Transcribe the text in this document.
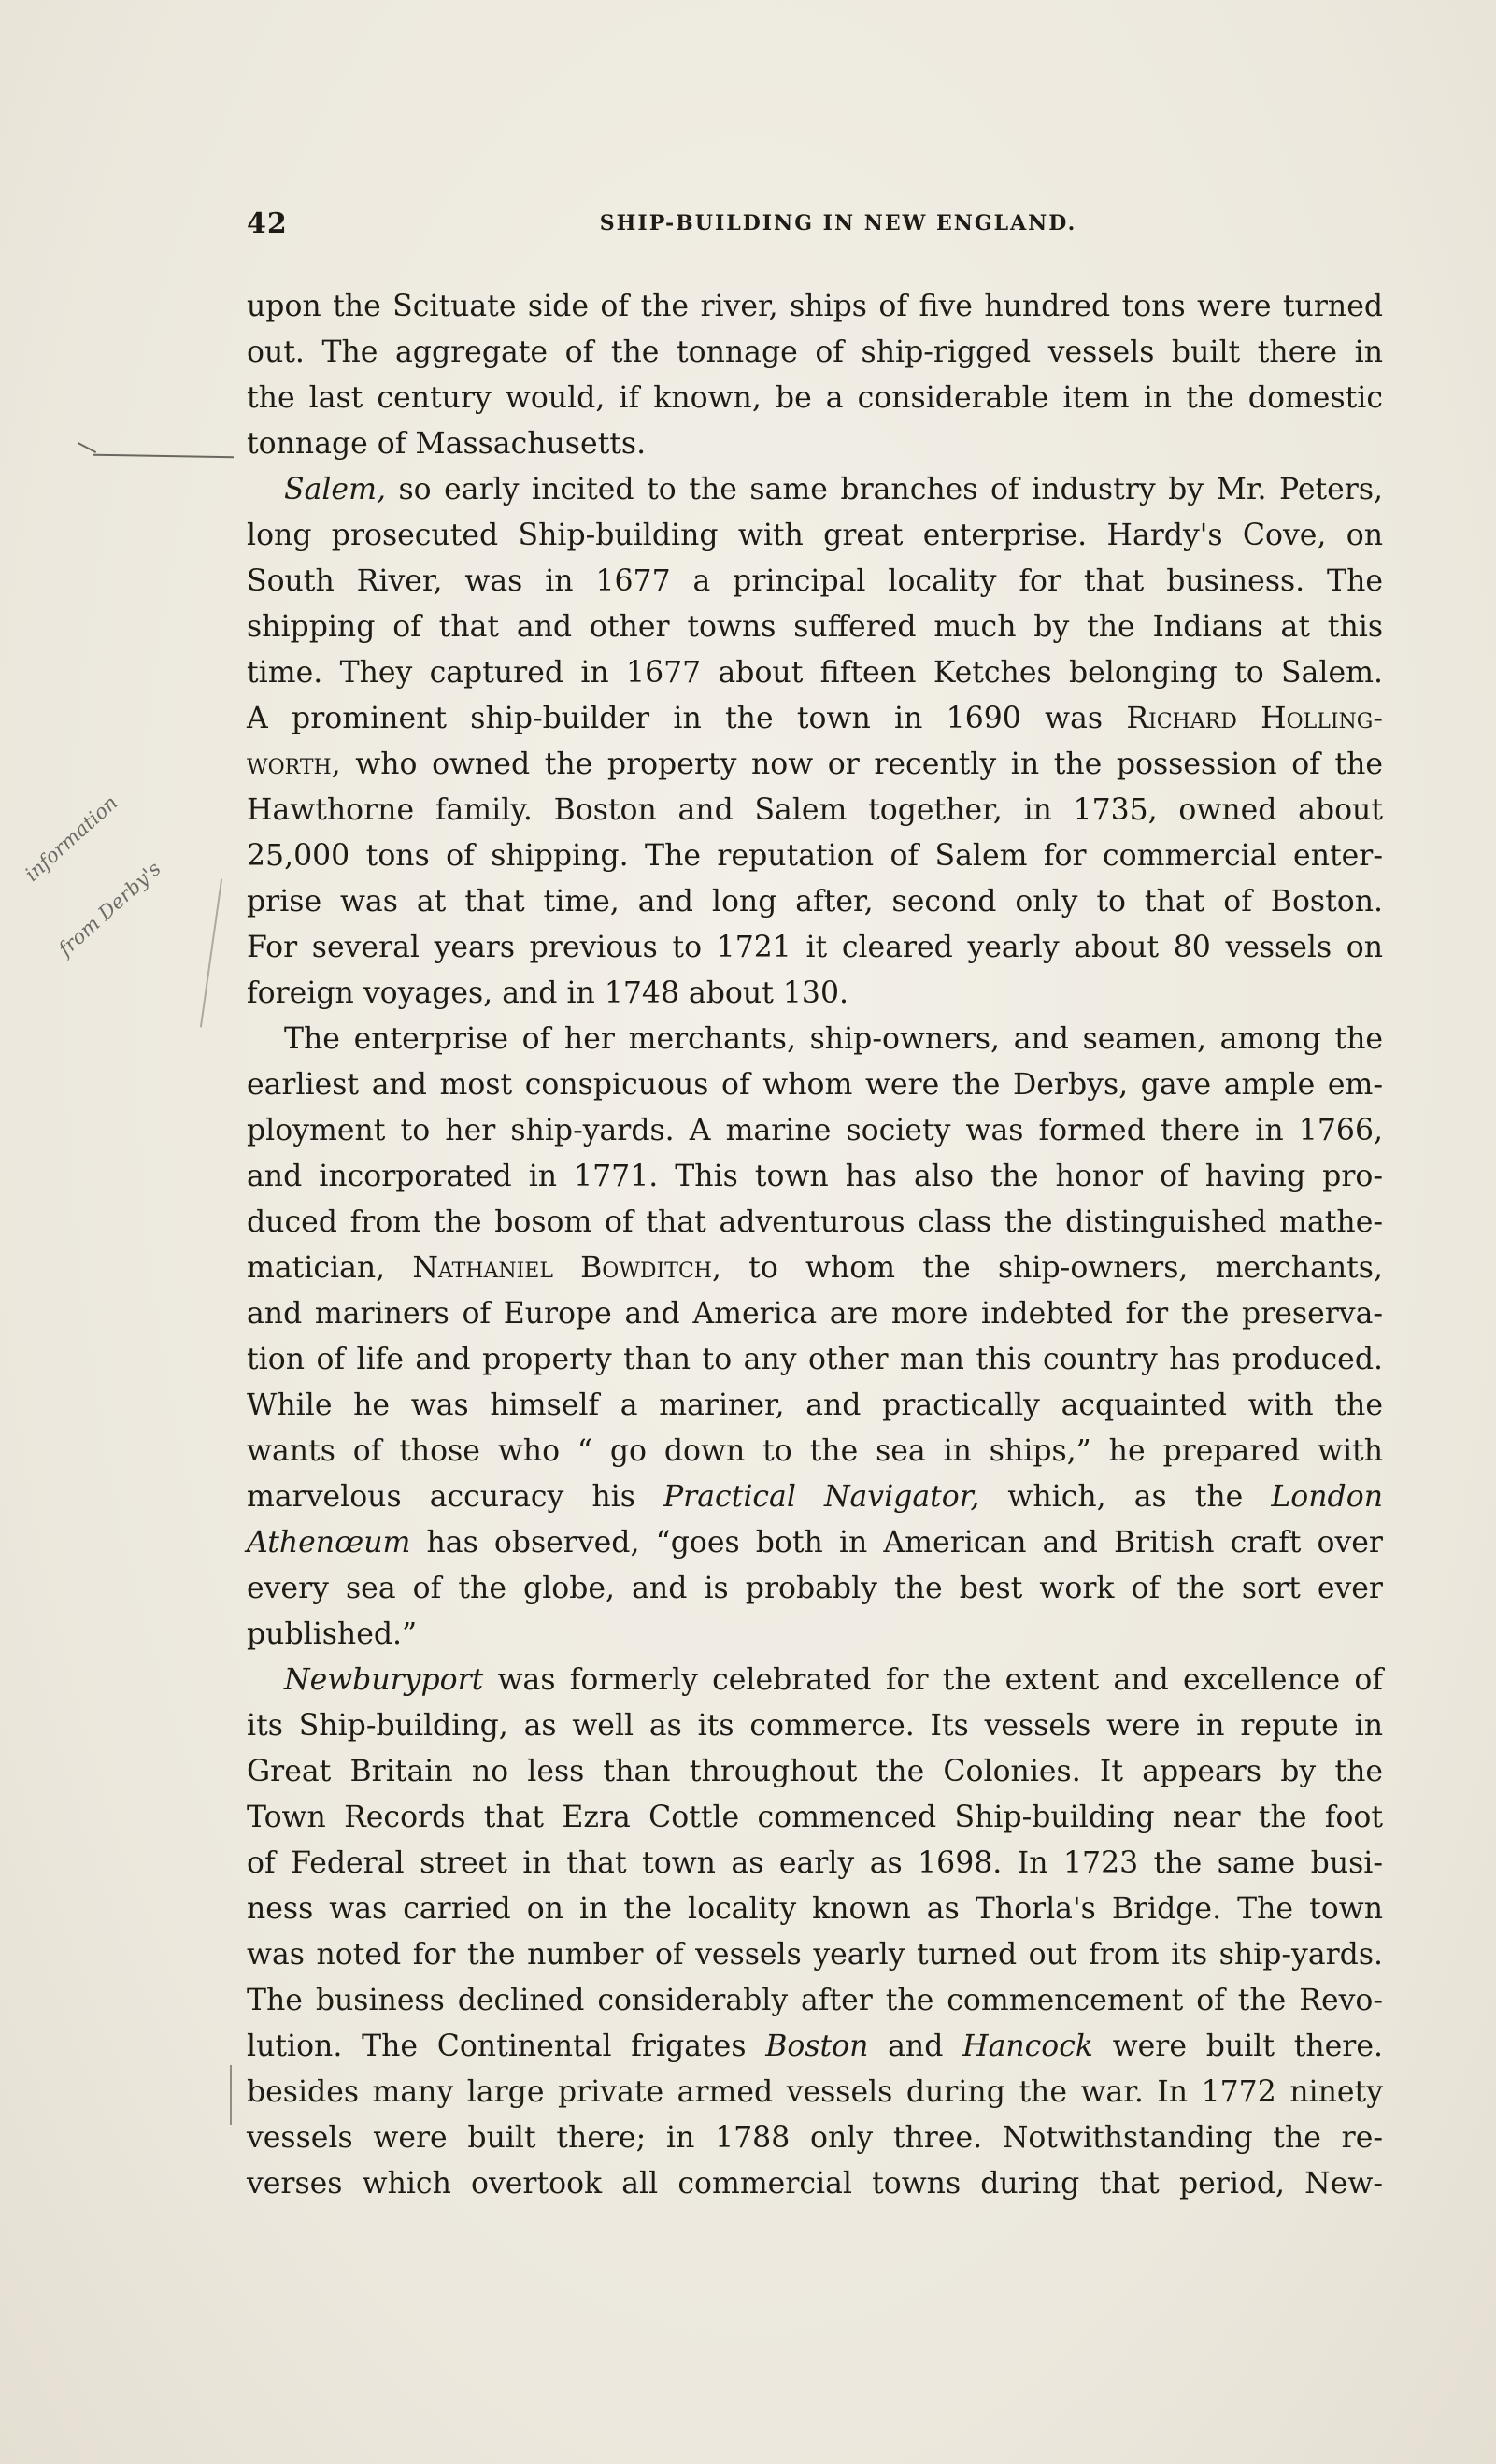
42	SHIP-BUILDING IN NEW ENGLAND.
information
from Derby's
upon the Scituate side of the river, ships of five hundred tons were turned
out. The aggregate of the tonnage of ship-rigged vessels built there in
the last century would, if known, be a considerable item in the domestic
tonnage of Massachusetts.
Salem, so early incited to the same branches of industry by Mr. Peters,
long prosecuted Ship-building with great enterprise. Hardy's Cove, on
South River, was in 1677 a principal locality for that business. The
shipping of that and other towns suffered much by the Indians at this
time. They captured in 1677 about fifteen Ketches belonging to Salem.
A prominent ship-builder in the town in 1690 was Richard Holling-
worth, who owned the property now or recently in the possession of the
Hawthorne family. Boston and Salem together, in 1735, owned about
25,000 tons of shipping. The reputation of Salem for commercial enter-
prise was at that time, and long after, second only to that of Boston.
For several years previous to 1721 it cleared yearly about 80 vessels on
foreign voyages, and in 1748 about 130.
The enterprise of her merchants, ship-owners, and seamen, among the
earliest and most conspicuous of whom were the Derbys, gave ample em-
ployment to her ship-yards. A marine society was formed there in 1766,
and incorporated in 1771. This town has also the honor of having pro-
duced from the bosom of that adventurous class the distinguished mathe-
matician, Nathaniel Bowditch, to whom the ship-owners, merchants,
and mariners of Europe and America are more indebted for the preserva-
tion of life and property than to any other man this country has produced.
While he was himself a mariner, and practically acquainted with the
wants of those who “ go down to the sea in ships,” he prepared with
marvelous accuracy his Practical Navigator, which, as the London
Athenœum has observed, “goes both in American and British craft over
every sea of the globe, and is probably the best work of the sort ever
published.”
Newburyport was formerly celebrated for the extent and excellence of
its Ship-building, as well as its commerce. Its vessels were in repute in
Great Britain no less than throughout the Colonies. It appears by the
Town Records that Ezra Cottle commenced Ship-building near the foot
of Federal street in that town as early as 1698. In 1723 the same busi-
ness was carried on in the locality known as Thorla's Bridge. The town
was noted for the number of vessels yearly turned out from its ship-yards.
The business declined considerably after the commencement of the Revo-
lution. The Continental frigates Boston and Hancock were built there.
besides many large private armed vessels during the war. In 1772 ninety
vessels were built there; in 1788 only three. Notwithstanding the re-
verses which overtook all commercial towns during that period, New-
